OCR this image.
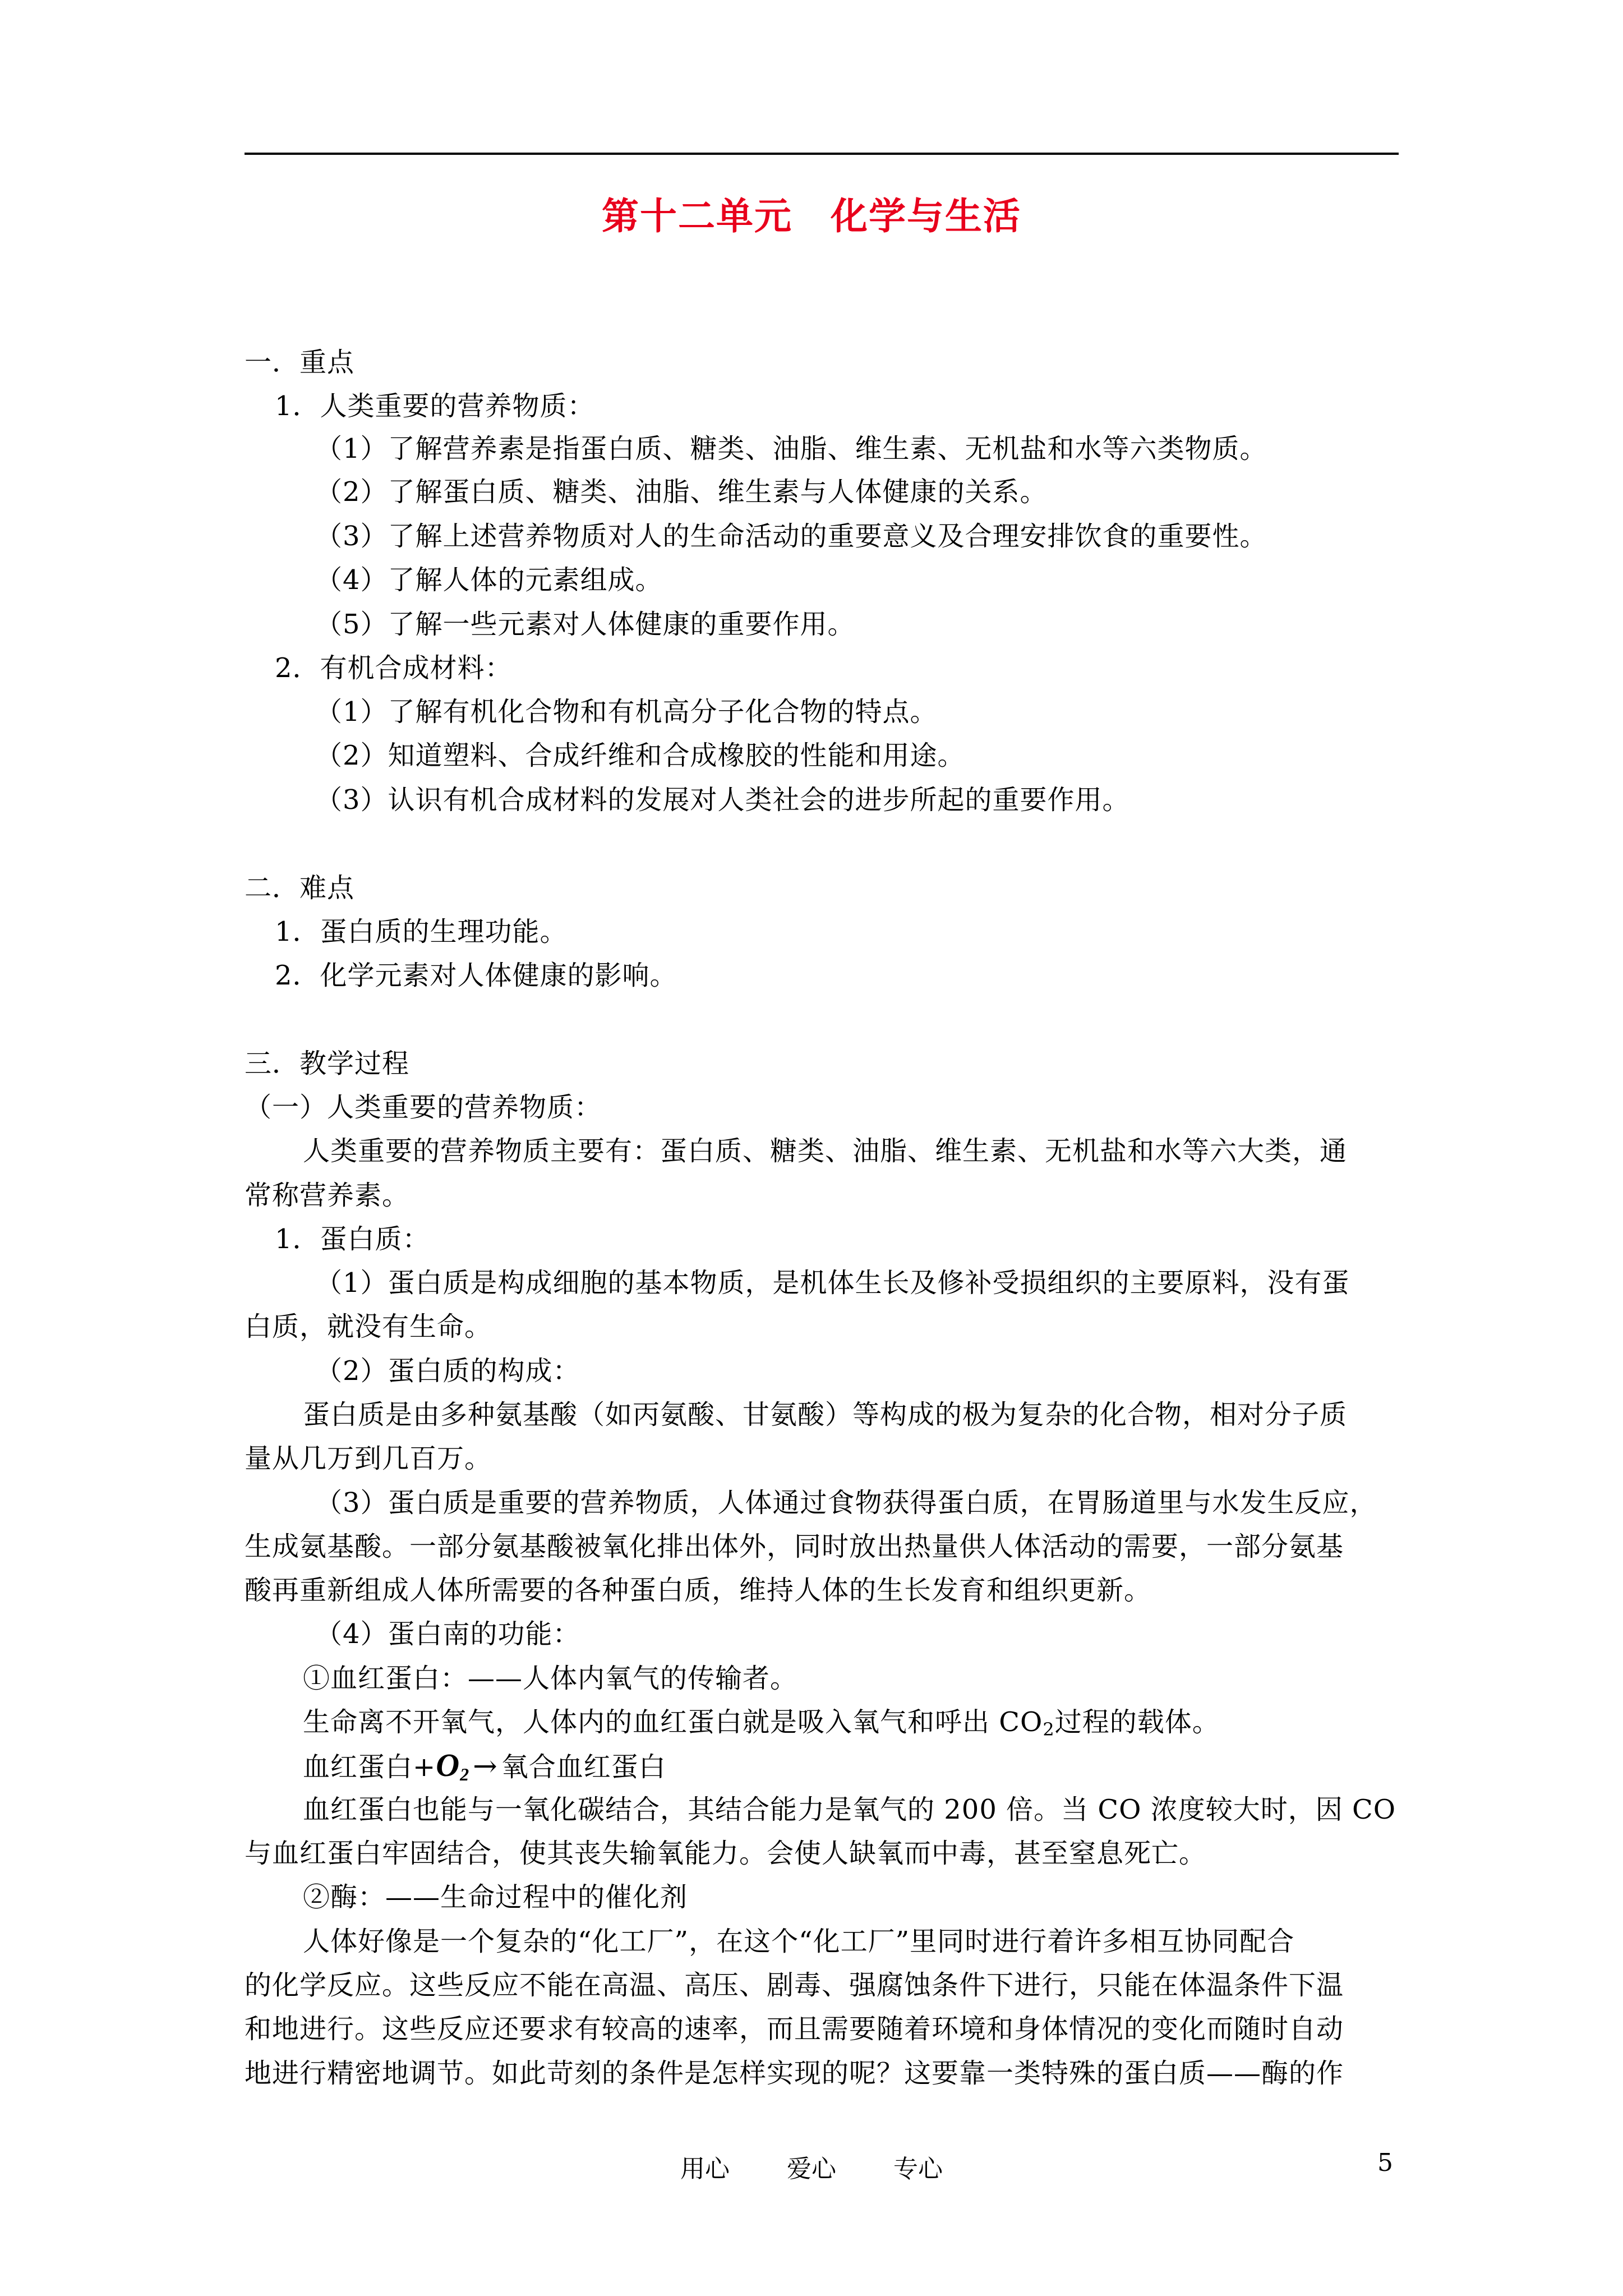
第十二单元　化学与生活
一．重点
1．人类重要的营养物质：
（1）了解营养素是指蛋白质、糖类、油脂、维生素、无机盐和水等六类物质。
（2）了解蛋白质、糖类、油脂、维生素与人体健康的关系。
（3）了解上述营养物质对人的生命活动的重要意义及合理安排饮食的重要性。
（4）了解人体的元素组成。
（5）了解一些元素对人体健康的重要作用。
2．有机合成材料：
（1）了解有机化合物和有机高分子化合物的特点。
（2）知道塑料、合成纤维和合成橡胶的性能和用途。
（3）认识有机合成材料的发展对人类社会的进步所起的重要作用。
二．难点
1．蛋白质的生理功能。
2．化学元素对人体健康的影响。
三．教学过程
（一）人类重要的营养物质：
人类重要的营养物质主要有：蛋白质、糖类、油脂、维生素、无机盐和水等六大类，通
常称营养素。
1．蛋白质：
（1）蛋白质是构成细胞的基本物质，是机体生长及修补受损组织的主要原料，没有蛋
白质，就没有生命。
（2）蛋白质的构成：
蛋白质是由多种氨基酸（如丙氨酸、甘氨酸）等构成的极为复杂的化合物，相对分子质
量从几万到几百万。
（3）蛋白质是重要的营养物质，人体通过食物获得蛋白质，在胃肠道里与水发生反应，
生成氨基酸。一部分氨基酸被氧化排出体外，同时放出热量供人体活动的需要，一部分氨基
酸再重新组成人体所需要的各种蛋白质，维持人体的生长发育和组织更新。
（4）蛋白南的功能：
①血红蛋白：——人体内氧气的传输者。
生命离不开氧气，人体内的血红蛋白就是吸入氧气和呼出 $CO_2$过程的载体。
血红蛋白$+O_2$ → 氧合血红蛋白
血红蛋白也能与一氧化碳结合，其结合能力是氧气的 200 倍。当 CO 浓度较大时，因 CO
与血红蛋白牢固结合，使其丧失输氧能力。会使人缺氧而中毒，甚至窒息死亡。
②酶：——生命过程中的催化剂
人体好像是一个复杂的“化工厂”，在这个“化工厂”里同时进行着许多相互协同配合
的化学反应。这些反应不能在高温、高压、剧毒、强腐蚀条件下进行，只能在体温条件下温
和地进行。这些反应还要求有较高的速率，而且需要随着环境和身体情况的变化而随时自动
地进行精密地调节。如此苛刻的条件是怎样实现的呢？这要靠一类特殊的蛋白质——酶的作
用心 爱心 专心	5
